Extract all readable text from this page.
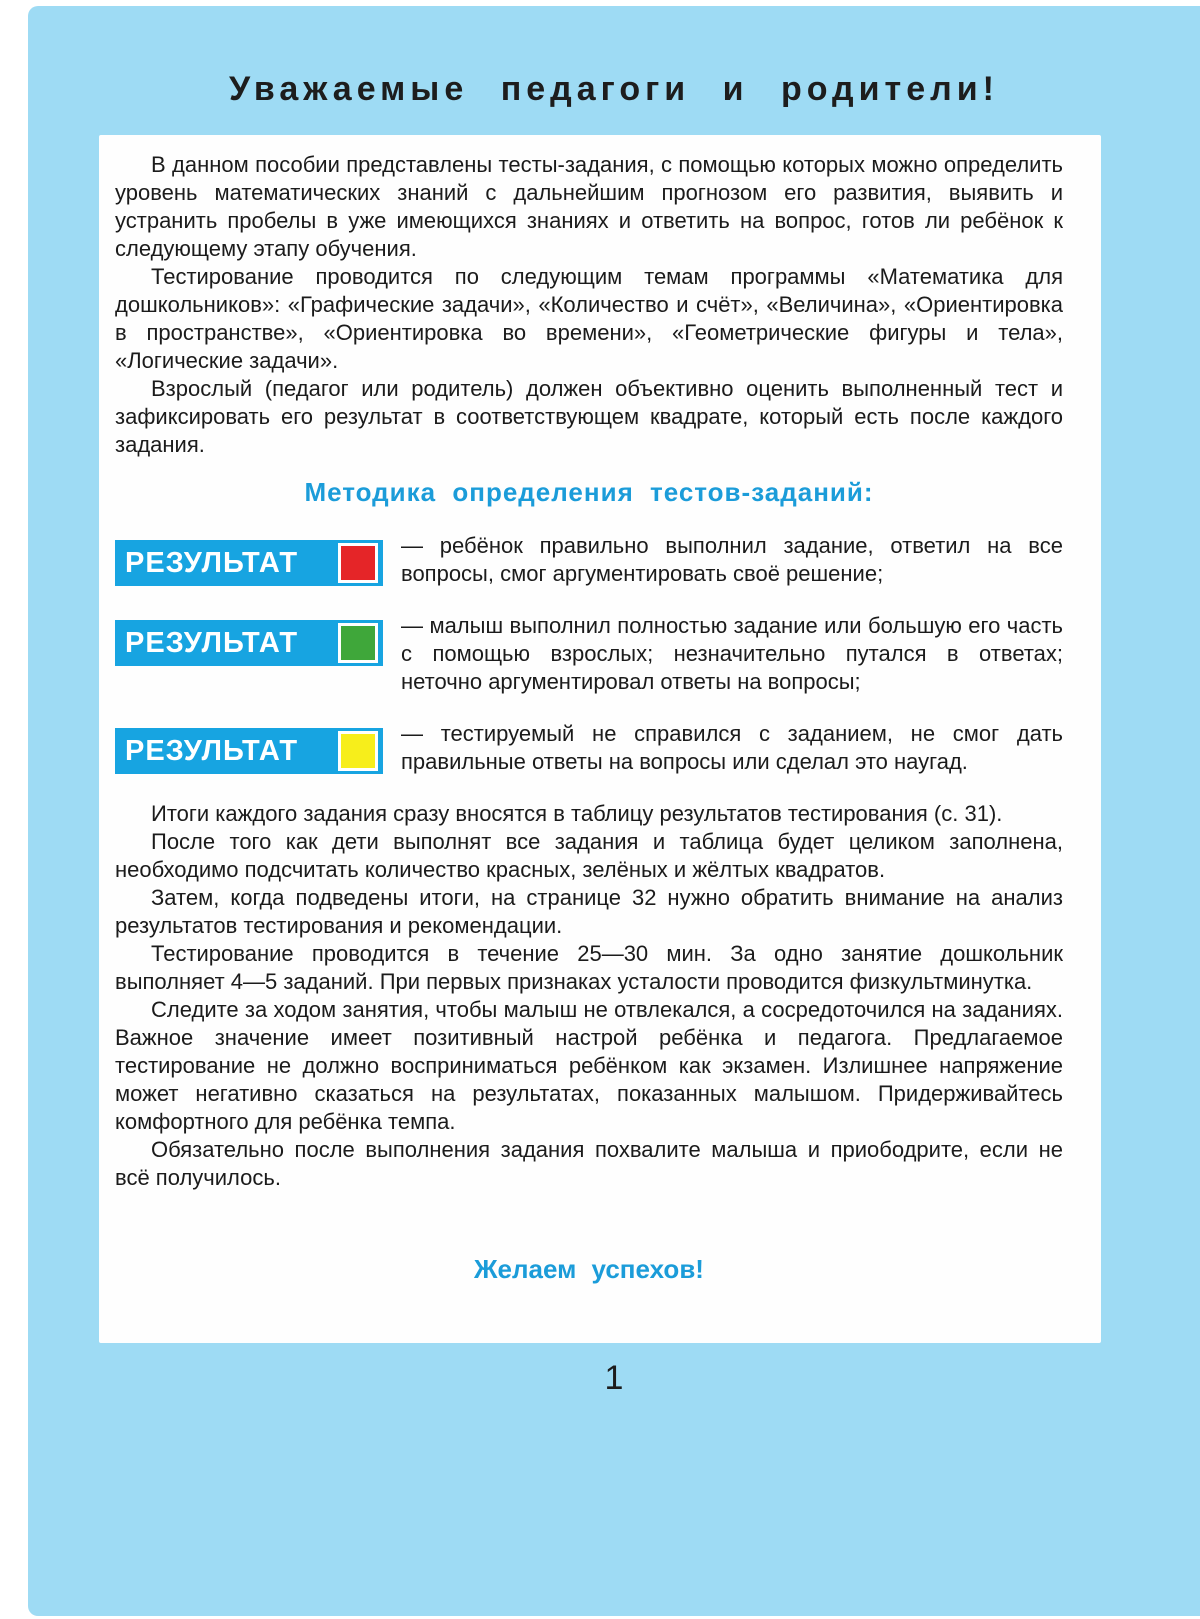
Уважаемые педагоги и родители!

В данном пособии представлены тесты-задания, с помощью которых можно определить уровень математических знаний с дальнейшим прогнозом его развития, выявить и устранить пробелы в уже имеющихся знаниях и ответить на вопрос, готов ли ребёнок к следующему этапу обучения.

Тестирование проводится по следующим темам программы «Математика для дошкольников»: «Графические задачи», «Количество и счёт», «Величина», «Ориентировка в пространстве», «Ориентировка во времени», «Геометрические фигуры и тела», «Логические задачи».

Взрослый (педагог или родитель) должен объективно оценить выполненный тест и зафиксировать его результат в соответствующем квадрате, который есть после каждого задания.

Методика определения тестов-заданий:
РЕЗУЛЬТАТ

— ребёнок правильно выполнил задание, ответил на все вопросы, смог аргументировать своё решение;

РЕЗУЛЬТАТ

— малыш выполнил полностью задание или большую его часть с помощью взрослых; незначительно путался в ответах; неточно аргументировал ответы на вопросы;

РЕЗУЛЬТАТ

— тестируемый не справился с заданием, не смог дать правильные ответы на вопросы или сделал это наугад.

Итоги каждого задания сразу вносятся в таблицу результатов тестирования (с. 31).

После того как дети выполнят все задания и таблица будет целиком заполнена, необходимо подсчитать количество красных, зелёных и жёлтых квадратов.

Затем, когда подведены итоги, на странице 32 нужно обратить внимание на анализ результатов тестирования и рекомендации.

Тестирование проводится в течение 25—30 мин. За одно занятие дошкольник выполняет 4—5 заданий. При первых признаках усталости проводится физкультминутка.

Следите за ходом занятия, чтобы малыш не отвлекался, а сосредоточился на заданиях. Важное значение имеет позитивный настрой ребёнка и педагога. Предлагаемое тестирование не должно восприниматься ребёнком как экзамен. Излишнее напряжение может негативно сказаться на результатах, показанных малышом. Придерживайтесь комфортного для ребёнка темпа.

Обязательно после выполнения задания похвалите малыша и приободрите, если не всё получилось.

Желаем успехов!
1
